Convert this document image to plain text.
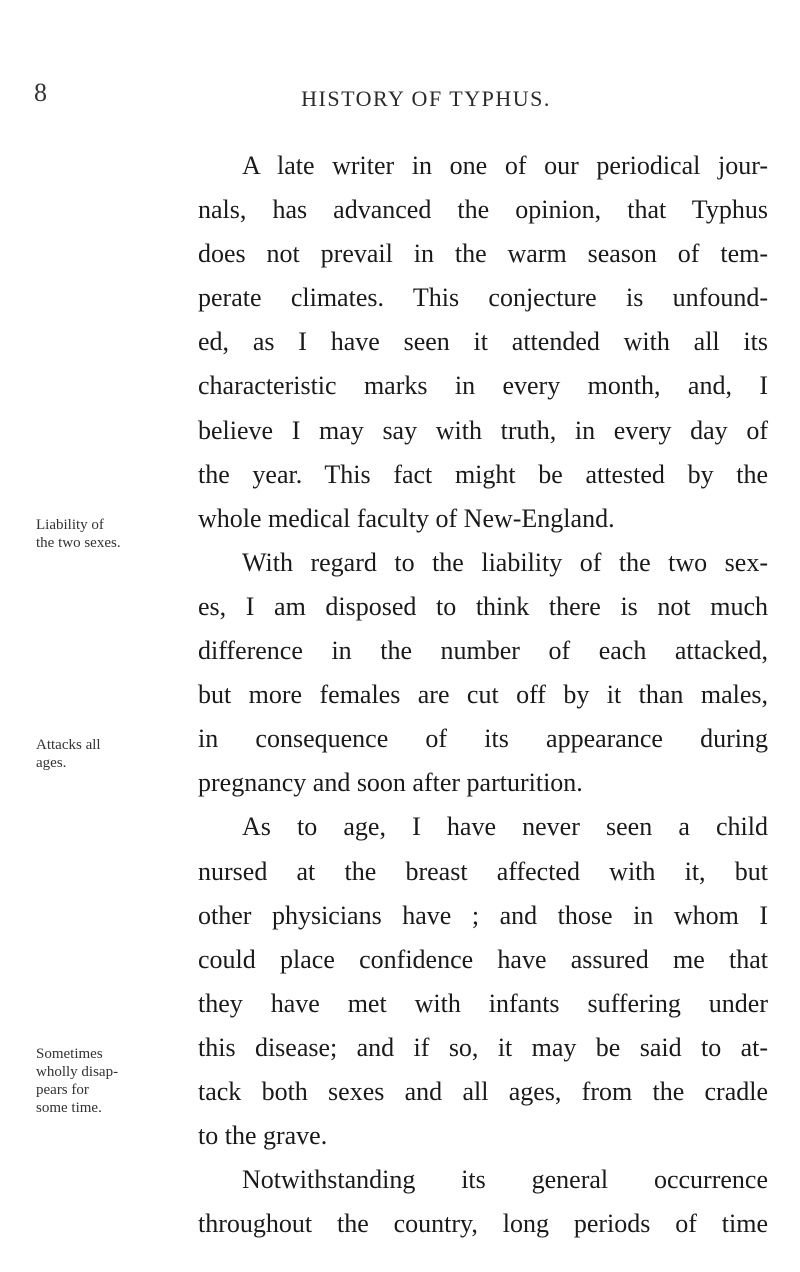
8	HISTORY OF TYPHUS.
Liability of
the two sexes.
Attacks all
ages.
Sometimes
wholly disap-
pears for
some time.
A late writer in one of our periodical jour-
nals, has advanced the opinion, that Typhus
does not prevail in the warm season of tem-
perate climates. This conjecture is unfound-
ed, as I have seen it attended with all its
characteristic marks in every month, and, I
believe I may say with truth, in every day of
the year. This fact might be attested by the
whole medical faculty of New-England.
With regard to the liability of the two sex-
es, I am disposed to think there is not much
difference in the number of each attacked,
but more females are cut off by it than males,
in consequence of its appearance during
pregnancy and soon after parturition.
As to age, I have never seen a child
nursed at the breast affected with it, but
other physicians have ; and those in whom I
could place confidence have assured me that
they have met with infants suffering under
this disease; and if so, it may be said to at-
tack both sexes and all ages, from the cradle
to the grave.
Notwithstanding its general occurrence
throughout the country, long periods of time
